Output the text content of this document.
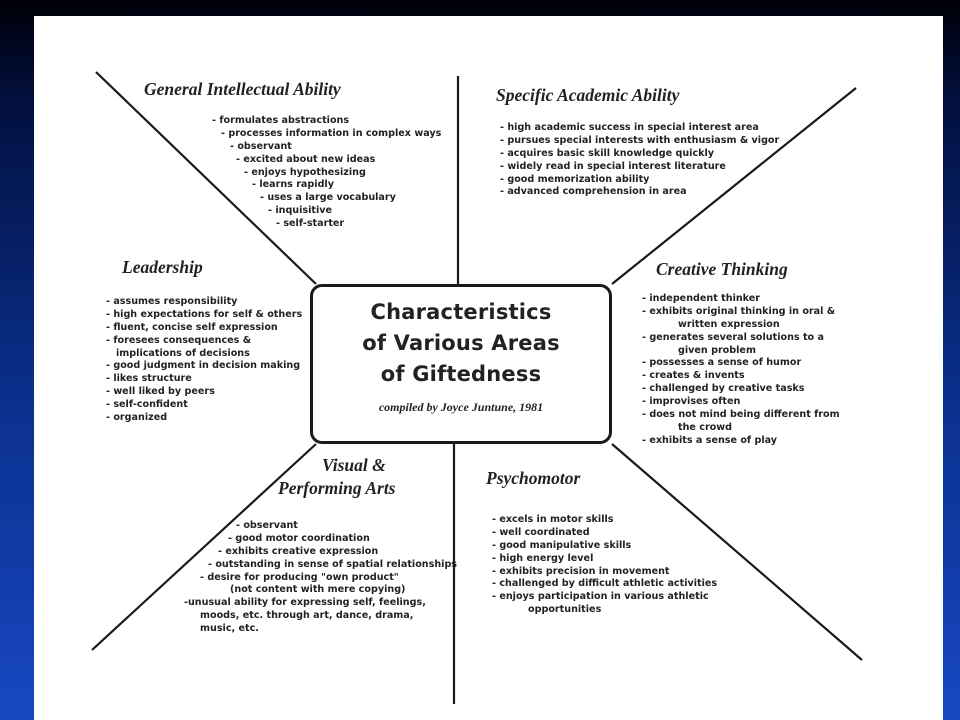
Characteristics
of Various Areas
of Giftedness
compiled by Joyce Juntune, 1981
General Intellectual Ability
- formulates abstractions
- processes information in complex ways
- observant
- excited about new ideas
- enjoys hypothesizing
- learns rapidly
- uses a large vocabulary
- inquisitive
- self-starter
Specific Academic Ability
- high academic success in special interest area
- pursues special interests with enthusiasm & vigor
- acquires basic skill knowledge quickly
- widely read in special interest literature
- good memorization ability
- advanced comprehension in area
Leadership
- assumes responsibility
- high expectations for self & others
- fluent, concise self expression
- foresees consequences &
implications of decisions
- good judgment in decision making
- likes structure
- well liked by peers
- self-confident
- organized
Creative Thinking
- independent thinker
- exhibits original thinking in oral &
written expression
- generates several solutions to a
given problem
- possesses a sense of humor
- creates & invents
- challenged by creative tasks
- improvises often
- does not mind being different from
the crowd
- exhibits a sense of play
Visual &
Performing Arts
- observant
- good motor coordination
- exhibits creative expression
- outstanding in sense of spatial relationships
- desire for producing "own product"
(not content with mere copying)
-unusual ability for expressing self, feelings,
moods, etc. through art, dance, drama,
music, etc.
Psychomotor
- excels in motor skills
- well coordinated
- good manipulative skills
- high energy level
- exhibits precision in movement
- challenged by difficult athletic activities
- enjoys participation in various athletic
opportunities
